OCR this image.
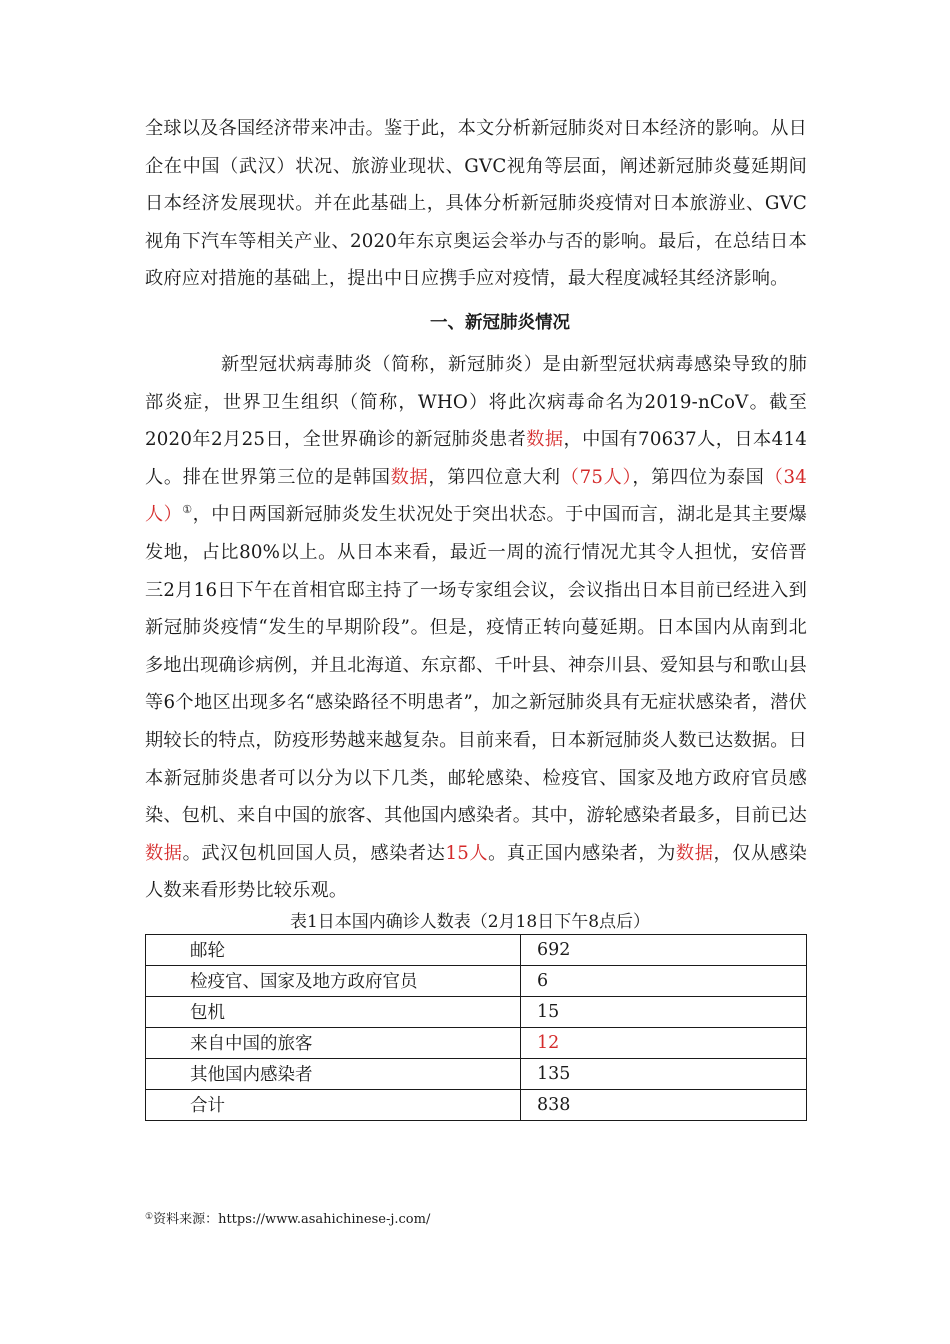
全球以及各国经济带来冲击。鉴于此，本文分析新冠肺炎对日本经济的影响。从日企在中国（武汉）状况、旅游业现状、GVC视角等层面，阐述新冠肺炎蔓延期间日本经济发展现状。并在此基础上，具体分析新冠肺炎疫情对日本旅游业、GVC视角下汽车等相关产业、2020年东京奥运会举办与否的影响。最后，在总结日本政府应对措施的基础上，提出中日应携手应对疫情，最大程度减轻其经济影响。

一、新冠肺炎情况

新型冠状病毒肺炎（简称，新冠肺炎）是由新型冠状病毒感染导致的肺部炎症，世界卫生组织（简称，WHO）将此次病毒命名为2019-nCoV。截至2020年2月25日，全世界确诊的新冠肺炎患者数据，中国有70637人，日本414人。排在世界第三位的是韩国数据，第四位意大利（75人），第四位为泰国（34人）①，中日两国新冠肺炎发生状况处于突出状态。于中国而言，湖北是其主要爆发地，占比80%以上。从日本来看，最近一周的流行情况尤其令人担忧，安倍晋三2月16日下午在首相官邸主持了一场专家组会议，会议指出日本目前已经进入到新冠肺炎疫情“发生的早期阶段”。但是，疫情正转向蔓延期。日本国内从南到北多地出现确诊病例，并且北海道、东京都、千叶县、神奈川县、爱知县与和歌山县等6个地区出现多名“感染路径不明患者”，加之新冠肺炎具有无症状感染者，潜伏期较长的特点，防疫形势越来越复杂。目前来看，日本新冠肺炎人数已达数据。日本新冠肺炎患者可以分为以下几类，邮轮感染、检疫官、国家及地方政府官员感染、包机、来自中国的旅客、其他国内感染者。其中，游轮感染者最多，目前已达数据。武汉包机回国人员，感染者达15人。真正国内感染者，为数据，仅从感染人数来看形势比较乐观。

表1日本国内确诊人数表（2月18日下午8点后）
邮轮	692
检疫官、国家及地方政府官员	6
包机	15
来自中国的旅客	12
其他国内感染者	135
合计	838
①资料来源：https://www.asahichinese-j.com/
